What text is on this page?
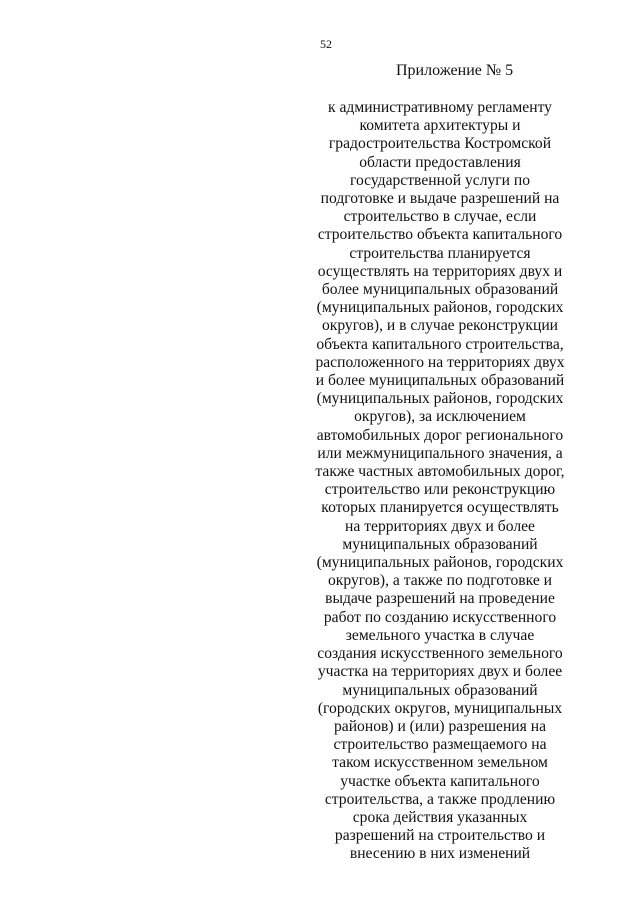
52
Приложение № 5
к административному регламенту
комитета архитектуры и
градостроительства Костромской
области предоставления
государственной услуги по
подготовке и выдаче разрешений на
строительство в случае, если
строительство объекта капитального
строительства планируется
осуществлять на территориях двух и
более муниципальных образований
(муниципальных районов, городских
округов), и в случае реконструкции
объекта капитального строительства,
расположенного на территориях двух
и более муниципальных образований
(муниципальных районов, городских
округов), за исключением
автомобильных дорог регионального
или межмуниципального значения, а
также частных автомобильных дорог,
строительство или реконструкцию
которых планируется осуществлять
на территориях двух и более
муниципальных образований
(муниципальных районов, городских
округов), а также по подготовке и
выдаче разрешений на проведение
работ по созданию искусственного
земельного участка в случае
создания искусственного земельного
участка на территориях двух и более
муниципальных образований
(городских округов, муниципальных
районов) и (или) разрешения на
строительство размещаемого на
таком искусственном земельном
участке объекта капитального
строительства, а также продлению
срока действия указанных
разрешений на строительство и
внесению в них изменений
